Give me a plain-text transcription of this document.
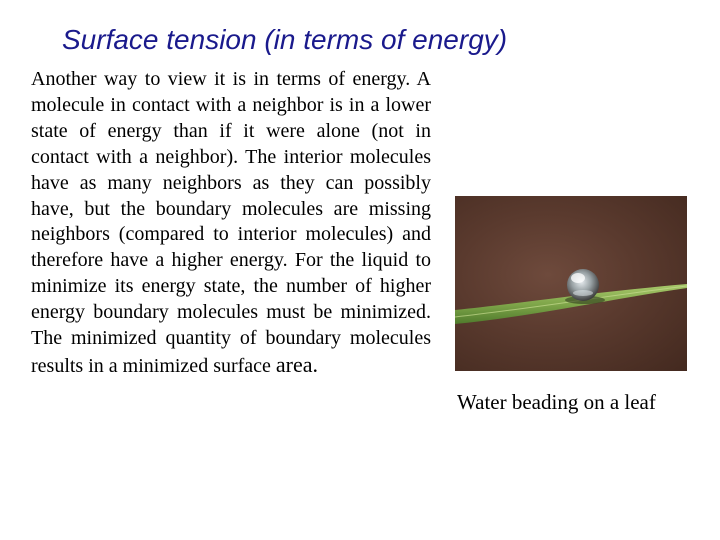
Surface tension (in terms of energy)

Another way to view it is in terms of energy. A molecule in contact with a neighbor is in a lower state of energy than if it were alone (not in contact with a neighbor). The interior molecules have as many neighbors as they can possibly have, but the boundary molecules are missing neighbors (compared to interior molecules) and therefore have a higher energy. For the liquid to minimize its energy state, the number of higher energy boundary molecules must be minimized. The minimized quantity of boundary molecules results in a minimized surface area.

Water beading on a leaf
